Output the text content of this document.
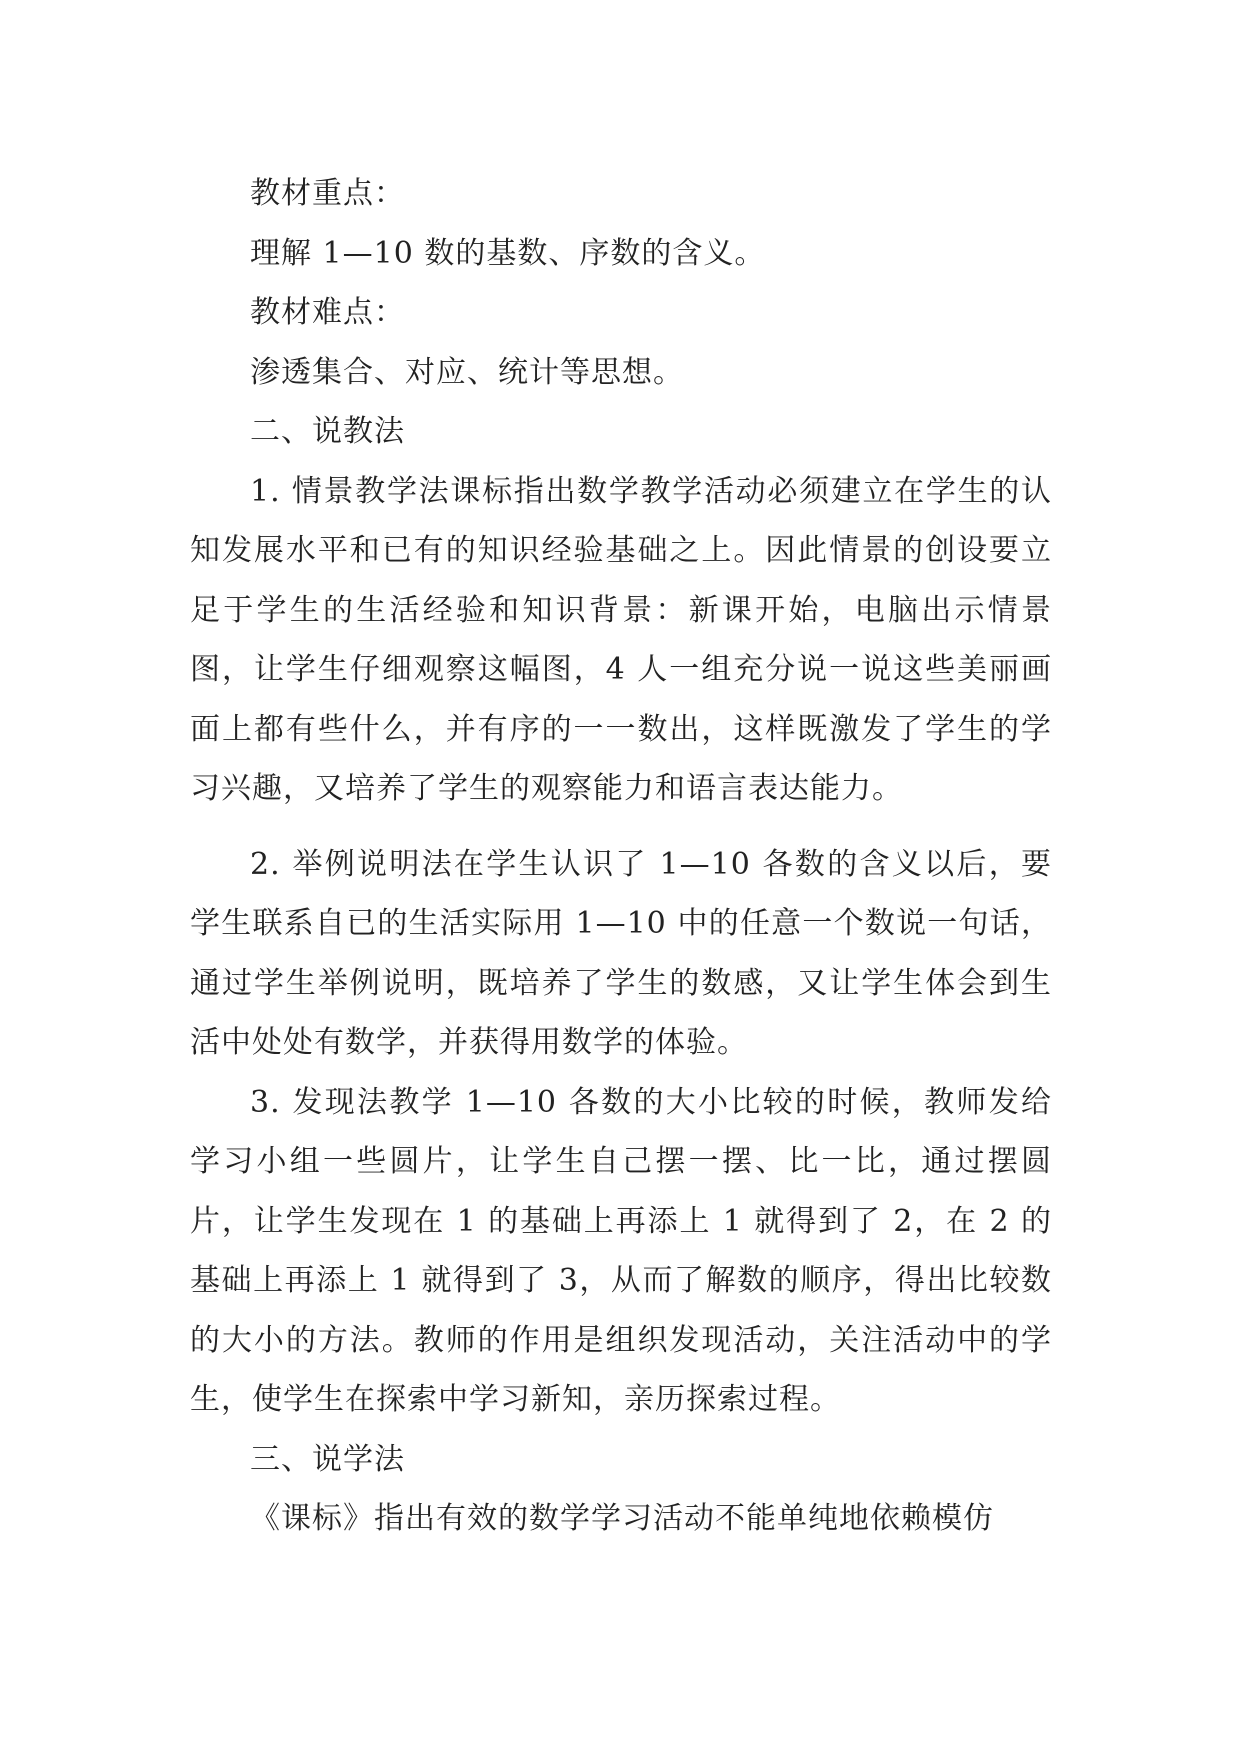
教材重点：

理解 1—10 数的基数、序数的含义。

教材难点：

渗透集合、对应、统计等思想。

二、说教法

1. 情景教学法课标指出数学教学活动必须建立在学生的认知发展水平和已有的知识经验基础之上。因此情景的创设要立足于学生的生活经验和知识背景：新课开始，电脑出示情景图，让学生仔细观察这幅图，4 人一组充分说一说这些美丽画面上都有些什么，并有序的一一数出，这样既激发了学生的学习兴趣，又培养了学生的观察能力和语言表达能力。

2. 举例说明法在学生认识了 1—10 各数的含义以后，要学生联系自已的生活实际用 1—10 中的任意一个数说一句话，通过学生举例说明，既培养了学生的数感，又让学生体会到生活中处处有数学，并获得用数学的体验。

3. 发现法教学 1—10 各数的大小比较的时候，教师发给学习小组一些圆片，让学生自己摆一摆、比一比，通过摆圆片，让学生发现在 1 的基础上再添上 1 就得到了 2，在 2 的基础上再添上 1 就得到了 3，从而了解数的顺序，得出比较数的大小的方法。教师的作用是组织发现活动，关注活动中的学生，使学生在探索中学习新知，亲历探索过程。

三、说学法

《课标》指出有效的数学学习活动不能单纯地依赖模仿
